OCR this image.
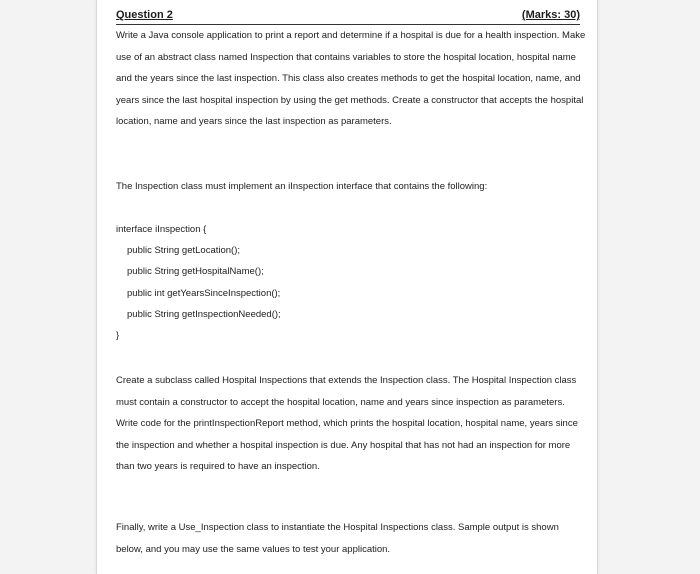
Question 2	(Marks: 30)

Write a Java console application to print a report and determine if a hospital is due for a health inspection. Make use of an abstract class named Inspection that contains variables to store the hospital location, hospital name and the years since the last inspection. This class also creates methods to get the hospital location, name, and years since the last hospital inspection by using the get methods. Create a constructor that accepts the hospital location, name and years since the last inspection as parameters.

The Inspection class must implement an iInspection interface that contains the following:

interface iInspection {
public String getLocation();
public String getHospitalName();
public int getYearsSinceInspection();
public String getInspectionNeeded();
}

Create a subclass called Hospital Inspections that extends the Inspection class. The Hospital Inspection class must contain a constructor to accept the hospital location, name and years since inspection as parameters. Write code for the printInspectionReport method, which prints the hospital location, hospital name, years since the inspection and whether a hospital inspection is due. Any hospital that has not had an inspection for more than two years is required to have an inspection.

Finally, write a Use_Inspection class to instantiate the Hospital Inspections class. Sample output is shown below, and you may use the same values to test your application.
